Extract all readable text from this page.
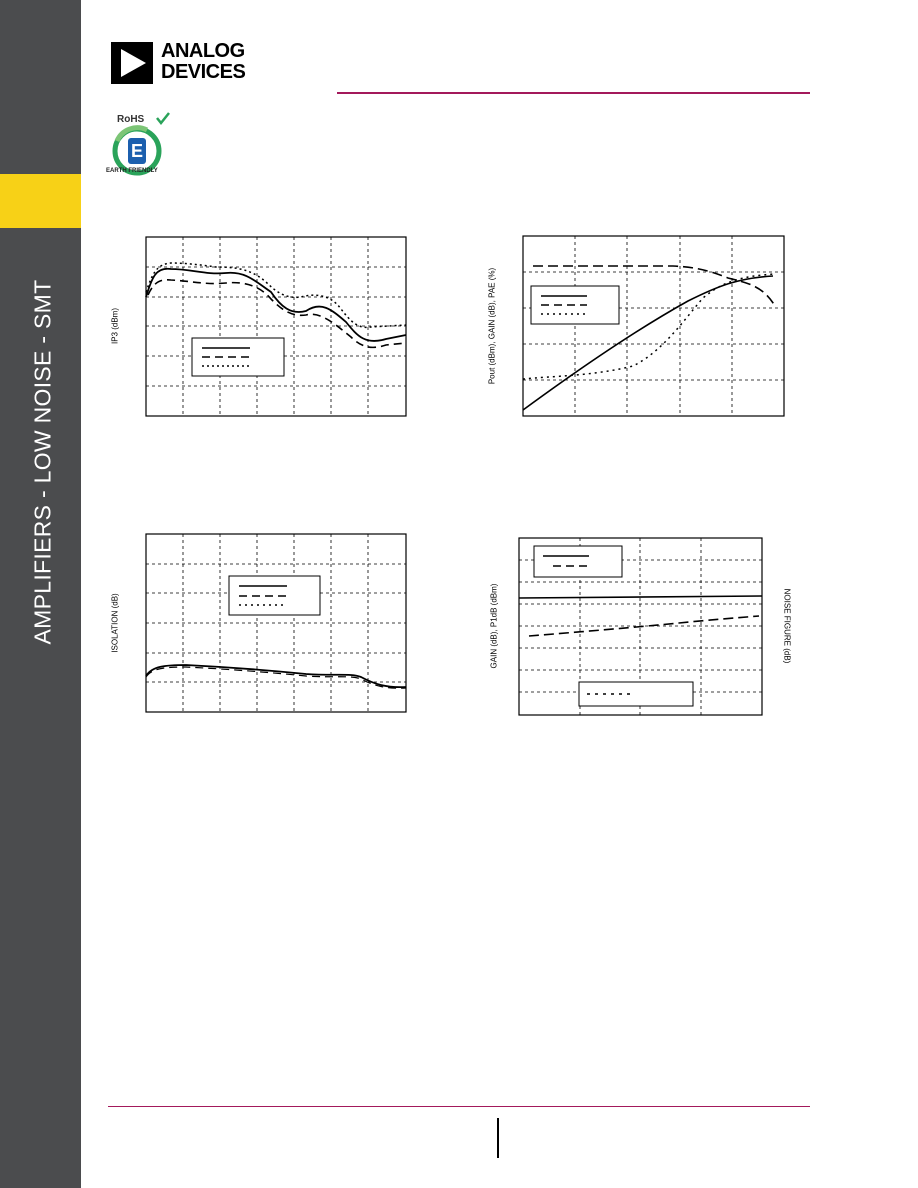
AMPLIFIERS - LOW NOISE - SMT
ANALOG
DEVICES
RoHS
E
EARTH FRIENDLY
IP3 (dBm)	Pout (dBm), GAIN (dB), PAE (%)
ISOLATION (dB)	GAIN (dB), P1dB (dBm)	NOISE FIGURE (dB)
